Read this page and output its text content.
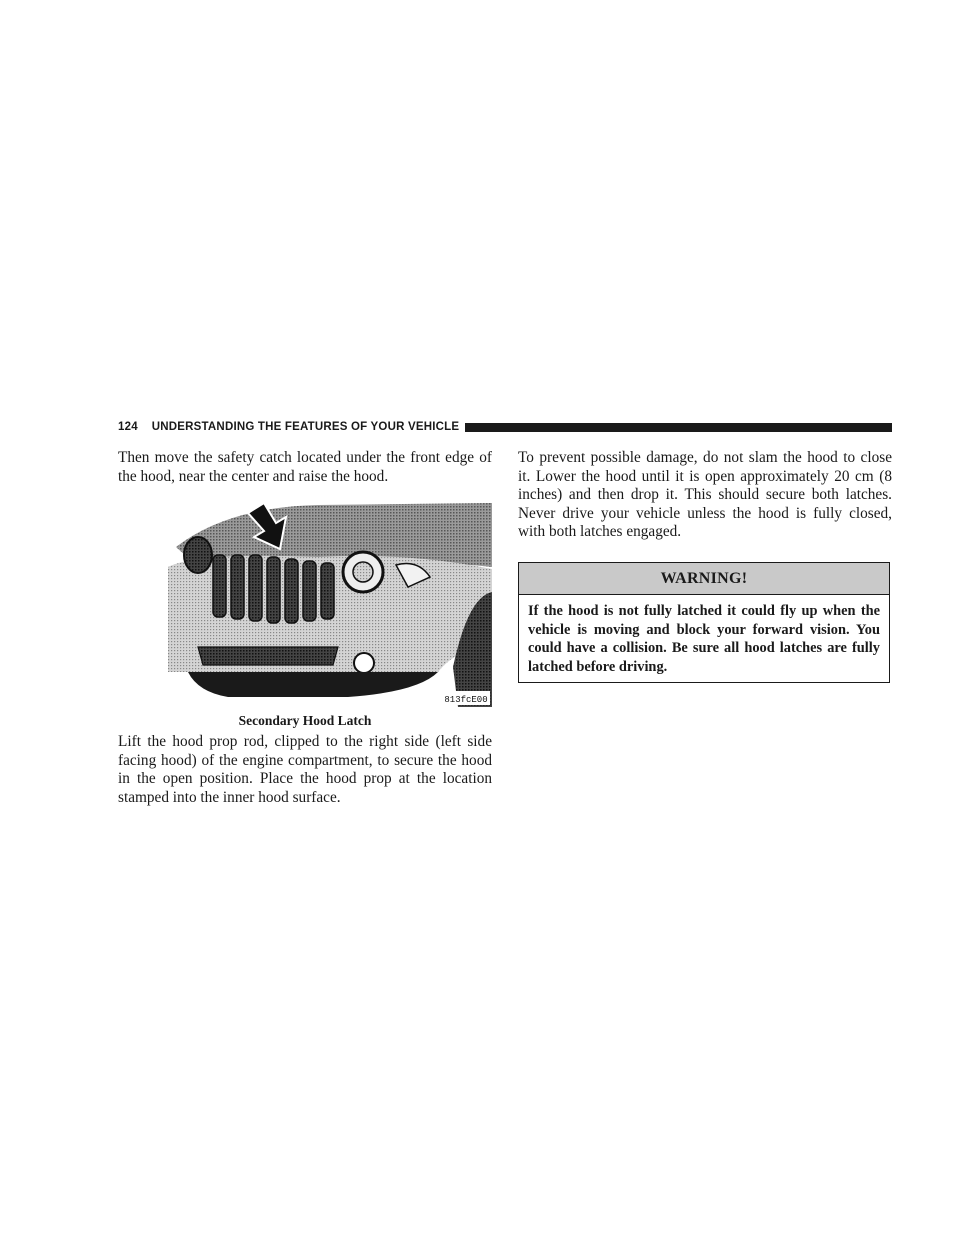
124 UNDERSTANDING THE FEATURES OF YOUR VEHICLE

Then move the safety catch located under the front edge of the hood, near the center and raise the hood.

813fcE00
Secondary Hood Latch

Lift the hood prop rod, clipped to the right side (left side facing hood) of the engine compartment, to secure the hood in the open position. Place the hood prop at the location stamped into the inner hood surface.

To prevent possible damage, do not slam the hood to close it. Lower the hood until it is open approximately 20 cm (8 inches) and then drop it. This should secure both latches. Never drive your vehicle unless the hood is fully closed, with both latches engaged.

WARNING!
If the hood is not fully latched it could fly up when the vehicle is moving and block your forward vision. You could have a collision. Be sure all hood latches are fully latched before driving.
